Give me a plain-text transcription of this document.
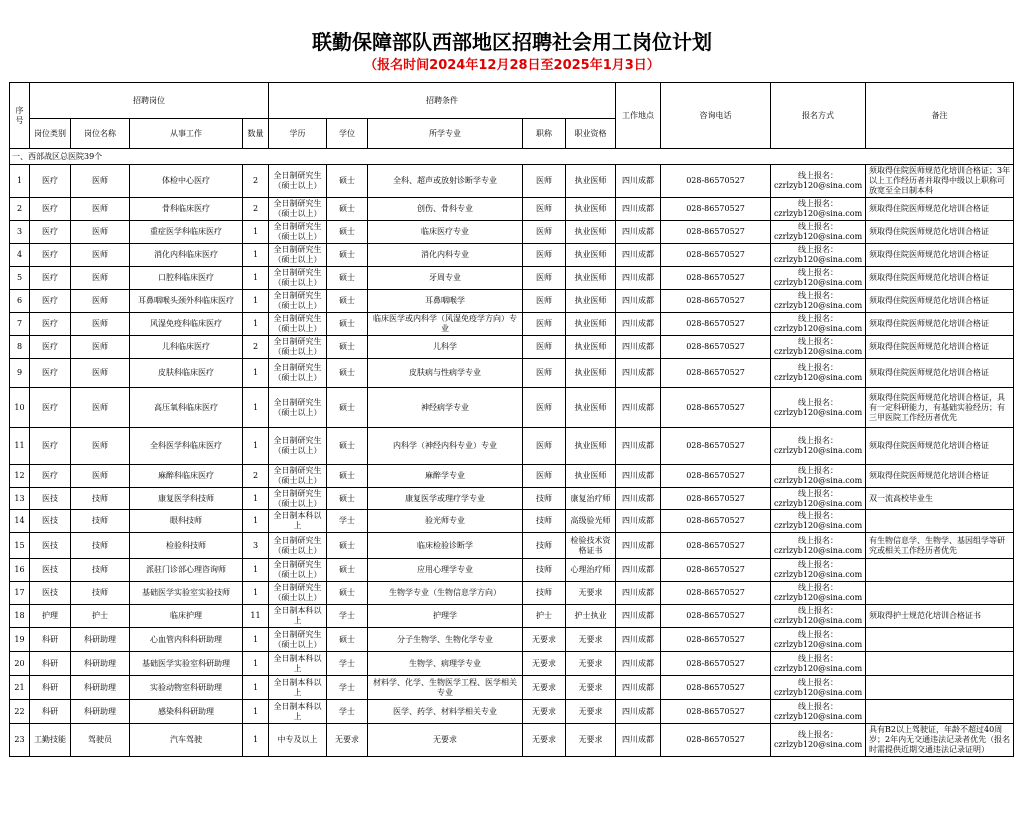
联勤保障部队西部地区招聘社会用工岗位计划
（报名时间2024年12月28日至2025年1月3日）
序号	招聘岗位				招聘条件					工作地点	咨询电话	报名方式	备注
	岗位类别	岗位名称	从事工作	数量	学历	学位	所学专业	职称	职业资格				
一、西部战区总医院39个													
1	医疗	医师	体检中心医疗	2	全日制研究生（硕士以上）	硕士	全科、超声或放射诊断学专业	医师	执业医师	四川成都	028-86570527	线上报名：czrlzyb120@sina.com	须取得住院医师规范化培训合格证；3年以上工作经历者并取得中级以上职称可放宽至全日制本科
2	医疗	医师	骨科临床医疗	2	全日制研究生（硕士以上）	硕士	创伤、骨科专业	医师	执业医师	四川成都	028-86570527	线上报名：czrlzyb120@sina.com	须取得住院医师规范化培训合格证
3	医疗	医师	重症医学科临床医疗	1	全日制研究生（硕士以上）	硕士	临床医疗专业	医师	执业医师	四川成都	028-86570527	线上报名：czrlzyb120@sina.com	须取得住院医师规范化培训合格证
4	医疗	医师	消化内科临床医疗	1	全日制研究生（硕士以上）	硕士	消化内科专业	医师	执业医师	四川成都	028-86570527	线上报名：czrlzyb120@sina.com	须取得住院医师规范化培训合格证
5	医疗	医师	口腔科临床医疗	1	全日制研究生（硕士以上）	硕士	牙周专业	医师	执业医师	四川成都	028-86570527	线上报名：czrlzyb120@sina.com	须取得住院医师规范化培训合格证
6	医疗	医师	耳鼻咽喉头颈外科临床医疗	1	全日制研究生（硕士以上）	硕士	耳鼻咽喉学	医师	执业医师	四川成都	028-86570527	线上报名：czrlzyb120@sina.com	须取得住院医师规范化培训合格证
7	医疗	医师	风湿免疫科临床医疗	1	全日制研究生（硕士以上）	硕士	临床医学或内科学（风湿免疫学方向）专业	医师	执业医师	四川成都	028-86570527	线上报名：czrlzyb120@sina.com	须取得住院医师规范化培训合格证
8	医疗	医师	儿科临床医疗	2	全日制研究生（硕士以上）	硕士	儿科学	医师	执业医师	四川成都	028-86570527	线上报名：czrlzyb120@sina.com	须取得住院医师规范化培训合格证
9	医疗	医师	皮肤科临床医疗	1	全日制研究生（硕士以上）	硕士	皮肤病与性病学专业	医师	执业医师	四川成都	028-86570527	线上报名：czrlzyb120@sina.com	须取得住院医师规范化培训合格证
10	医疗	医师	高压氧科临床医疗	1	全日制研究生（硕士以上）	硕士	神经病学专业	医师	执业医师	四川成都	028-86570527	线上报名：czrlzyb120@sina.com	须取得住院医师规范化培训合格证，具有一定科研能力，有基础实验经历；有三甲医院工作经历者优先
11	医疗	医师	全科医学科临床医疗	1	全日制研究生（硕士以上）	硕士	内科学（神经内科专业）专业	医师	执业医师	四川成都	028-86570527	线上报名：czrlzyb120@sina.com	须取得住院医师规范化培训合格证
12	医疗	医师	麻醉科临床医疗	2	全日制研究生（硕士以上）	硕士	麻醉学专业	医师	执业医师	四川成都	028-86570527	线上报名：czrlzyb120@sina.com	须取得住院医师规范化培训合格证
13	医技	技师	康复医学科技师	1	全日制研究生（硕士以上）	硕士	康复医学或理疗学专业	技师	康复治疗师	四川成都	028-86570527	线上报名：czrlzyb120@sina.com	双一流高校毕业生
14	医技	技师	眼科技师	1	全日制本科以上	学士	验光师专业	技师	高级验光师	四川成都	028-86570527	线上报名：czrlzyb120@sina.com	
15	医技	技师	检验科技师	3	全日制研究生（硕士以上）	硕士	临床检验诊断学	技师	检验技术资格证书	四川成都	028-86570527	线上报名：czrlzyb120@sina.com	有生物信息学、生物学、基因组学等研究或相关工作经历者优先
16	医技	技师	派驻门诊部心理咨询师	1	全日制研究生（硕士以上）	硕士	应用心理学专业	技师	心理治疗师	四川成都	028-86570527	线上报名：czrlzyb120@sina.com	
17	医技	技师	基础医学实验室实验技师	1	全日制研究生（硕士以上）	硕士	生物学专业（生物信息学方向）	技师	无要求	四川成都	028-86570527	线上报名：czrlzyb120@sina.com	
18	护理	护士	临床护理	11	全日制本科以上	学士	护理学	护士	护士执业	四川成都	028-86570527	线上报名：czrlzyb120@sina.com	须取得护士规范化培训合格证书
19	科研	科研助理	心血管内科科研助理	1	全日制研究生（硕士以上）	硕士	分子生物学、生物化学专业	无要求	无要求	四川成都	028-86570527	线上报名：czrlzyb120@sina.com	
20	科研	科研助理	基础医学实验室科研助理	1	全日制本科以上	学士	生物学、病理学专业	无要求	无要求	四川成都	028-86570527	线上报名：czrlzyb120@sina.com	
21	科研	科研助理	实验动物室科研助理	1	全日制本科以上	学士	材料学、化学、生物医学工程、医学相关专业	无要求	无要求	四川成都	028-86570527	线上报名：czrlzyb120@sina.com	
22	科研	科研助理	感染科科研助理	1	全日制本科以上	学士	医学、药学、材料学相关专业	无要求	无要求	四川成都	028-86570527	线上报名：czrlzyb120@sina.com	
23	工勤技能	驾驶员	汽车驾驶	1	中专及以上	无要求	无要求	无要求	无要求	四川成都	028-86570527	线上报名：czrlzyb120@sina.com	具有B2以上驾驶证，年龄不超过40周岁；2年内无交通违法记录者优先（报名时需提供近期交通违法记录证明）
